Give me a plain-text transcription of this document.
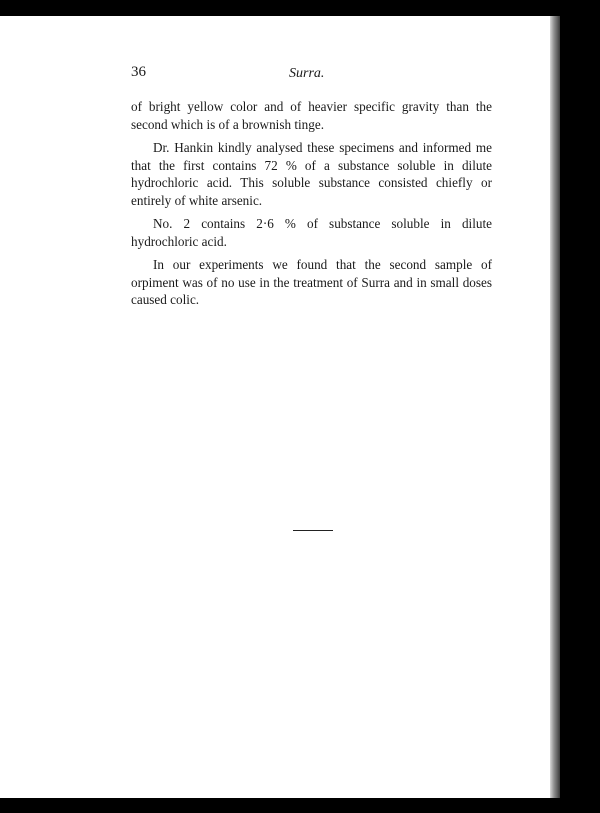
36	Surra.

of bright yellow color and of heavier specific gravity than the second which is of a brownish tinge.

Dr. Hankin kindly analysed these specimens and informed me that the first contains 72 % of a substance soluble in dilute hydrochloric acid. This soluble substance consisted chiefly or entirely of white arsenic.

No. 2 contains 2·6 % of substance soluble in dilute hydrochloric acid.

In our experiments we found that the second sample of orpiment was of no use in the treatment of Surra and in small doses caused colic.
